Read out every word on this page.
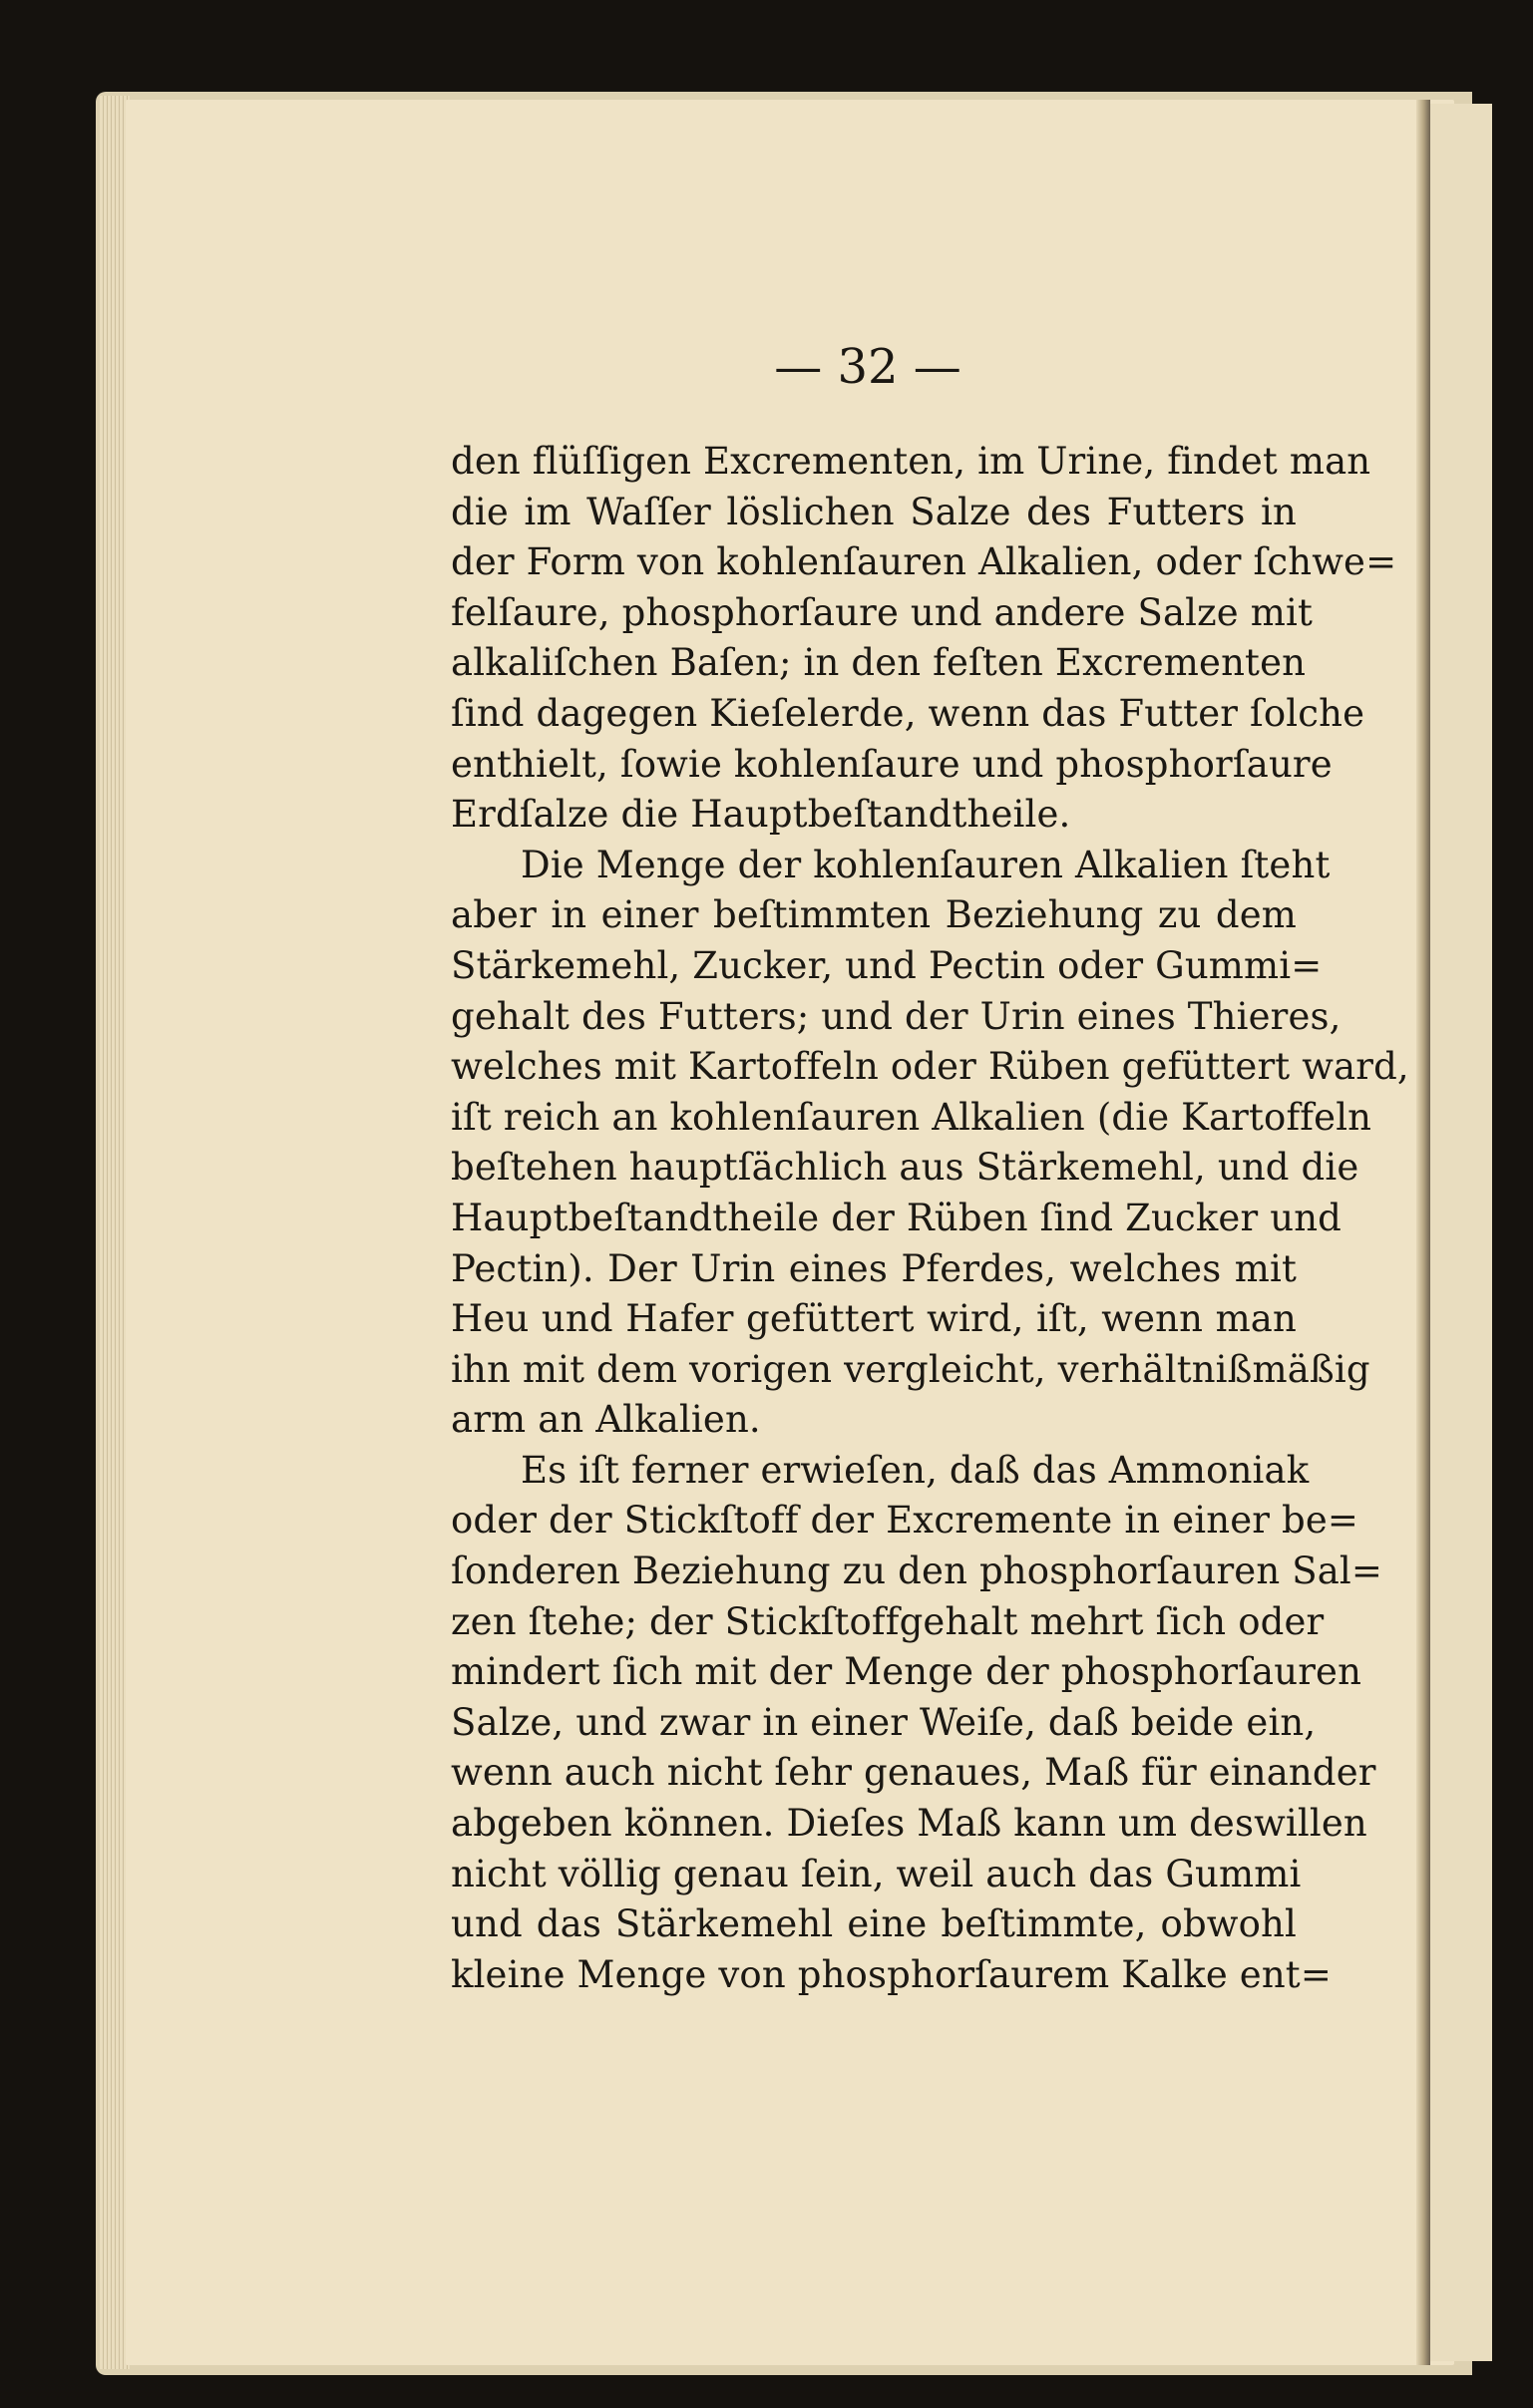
— 32 —
den flüſſigen Excrementen, im Urine, findet man
die im Waſſer löslichen Salze des Futters in
der Form von kohlenſauren Alkalien, oder ſchwe=
felſaure, phosphorſaure und andere Salze mit
alkaliſchen Baſen; in den feſten Excrementen
ſind dagegen Kieſelerde, wenn das Futter ſolche
enthielt, ſowie kohlenſaure und phosphorſaure
Erdſalze die Hauptbeſtandtheile.
Die Menge der kohlenſauren Alkalien ſteht
aber in einer beſtimmten Beziehung zu dem
Stärkemehl, Zucker, und Pectin oder Gummi=
gehalt des Futters; und der Urin eines Thieres,
welches mit Kartoffeln oder Rüben gefüttert ward,
iſt reich an kohlenſauren Alkalien (die Kartoffeln
beſtehen hauptſächlich aus Stärkemehl, und die
Hauptbeſtandtheile der Rüben ſind Zucker und
Pectin). Der Urin eines Pferdes, welches mit
Heu und Hafer gefüttert wird, iſt, wenn man
ihn mit dem vorigen vergleicht, verhältnißmäßig
arm an Alkalien.
Es iſt ferner erwieſen, daß das Ammoniak
oder der Stickſtoff der Excremente in einer be=
ſonderen Beziehung zu den phosphorſauren Sal=
zen ſtehe; der Stickſtoffgehalt mehrt ſich oder
mindert ſich mit der Menge der phosphorſauren
Salze, und zwar in einer Weiſe, daß beide ein,
wenn auch nicht ſehr genaues, Maß für einander
abgeben können. Dieſes Maß kann um deswillen
nicht völlig genau ſein, weil auch das Gummi
und das Stärkemehl eine beſtimmte, obwohl
kleine Menge von phosphorſaurem Kalke ent=
